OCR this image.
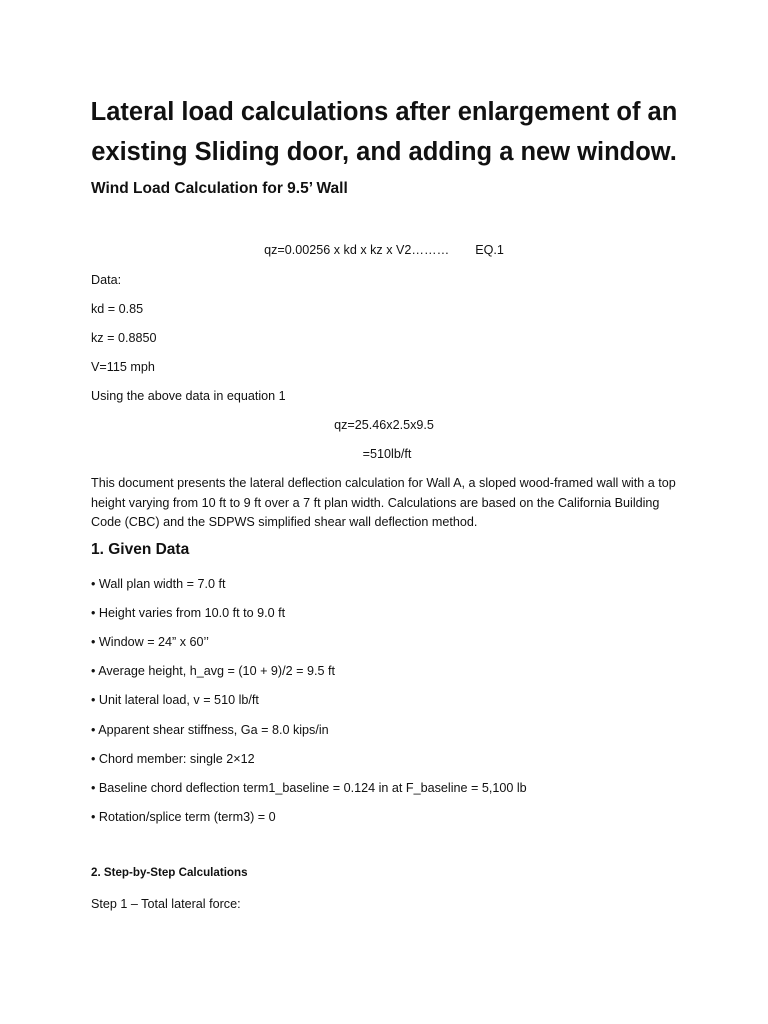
Lateral load calculations after enlargement of an
existing Sliding door, and adding a new window.
Wind Load Calculation for 9.5’ Wall
qz=0.00256 x kd x kz x V2……… EQ.1
Data:
kd = 0.85
kz = 0.8850
V=115 mph
Using the above data in equation 1
qz=25.46x2.5x9.5
=510lb/ft

This document presents the lateral deflection calculation for Wall A, a sloped wood-framed wall with a top height varying from 10 ft to 9 ft over a 7 ft plan width. Calculations are based on the California Building Code (CBC) and the SDPWS simplified shear wall deflection method.

1. Given Data
• Wall plan width = 7.0 ft
• Height varies from 10.0 ft to 9.0 ft
• Window = 24” x 60’’
• Average height, h_avg = (10 + 9)/2 = 9.5 ft
• Unit lateral load, v = 510 lb/ft
• Apparent shear stiffness, Ga = 8.0 kips/in
• Chord member: single 2×12
• Baseline chord deflection term1_baseline = 0.124 in at F_baseline = 5,100 lb
• Rotation/splice term (term3) = 0
2. Step-by-Step Calculations
Step 1 – Total lateral force:
